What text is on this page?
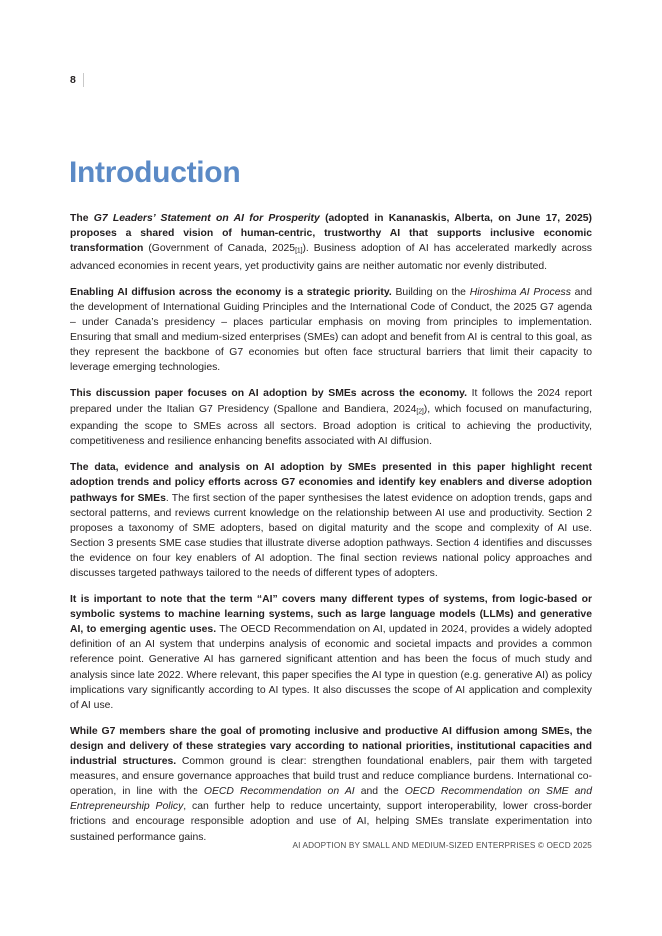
8
Introduction

The G7 Leaders’ Statement on AI for Prosperity (adopted in Kananaskis, Alberta, on June 17, 2025) proposes a shared vision of human-centric, trustworthy AI that supports inclusive economic transformation (Government of Canada, 2025[1]). Business adoption of AI has accelerated markedly across advanced economies in recent years, yet productivity gains are neither automatic nor evenly distributed.

Enabling AI diffusion across the economy is a strategic priority. Building on the Hiroshima AI Process and the development of International Guiding Principles and the International Code of Conduct, the 2025 G7 agenda – under Canada’s presidency – places particular emphasis on moving from principles to implementation. Ensuring that small and medium-sized enterprises (SMEs) can adopt and benefit from AI is central to this goal, as they represent the backbone of G7 economies but often face structural barriers that limit their capacity to leverage emerging technologies.

This discussion paper focuses on AI adoption by SMEs across the economy. It follows the 2024 report prepared under the Italian G7 Presidency (Spallone and Bandiera, 2024[2]), which focused on manufacturing, expanding the scope to SMEs across all sectors. Broad adoption is critical to achieving the productivity, competitiveness and resilience enhancing benefits associated with AI diffusion.

The data, evidence and analysis on AI adoption by SMEs presented in this paper highlight recent adoption trends and policy efforts across G7 economies and identify key enablers and diverse adoption pathways for SMEs. The first section of the paper synthesises the latest evidence on adoption trends, gaps and sectoral patterns, and reviews current knowledge on the relationship between AI use and productivity. Section 2 proposes a taxonomy of SME adopters, based on digital maturity and the scope and complexity of AI use. Section 3 presents SME case studies that illustrate diverse adoption pathways. Section 4 identifies and discusses the evidence on four key enablers of AI adoption. The final section reviews national policy approaches and discusses targeted pathways tailored to the needs of different types of adopters.

It is important to note that the term “AI” covers many different types of systems, from logic-based or symbolic systems to machine learning systems, such as large language models (LLMs) and generative AI, to emerging agentic uses. The OECD Recommendation on AI, updated in 2024, provides a widely adopted definition of an AI system that underpins analysis of economic and societal impacts and provides a common reference point. Generative AI has garnered significant attention and has been the focus of much study and analysis since late 2022. Where relevant, this paper specifies the AI type in question (e.g. generative AI) as policy implications vary significantly according to AI types. It also discusses the scope of AI application and complexity of AI use.

While G7 members share the goal of promoting inclusive and productive AI diffusion among SMEs, the design and delivery of these strategies vary according to national priorities, institutional capacities and industrial structures. Common ground is clear: strengthen foundational enablers, pair them with targeted measures, and ensure governance approaches that build trust and reduce compliance burdens. International co-operation, in line with the OECD Recommendation on AI and the OECD Recommendation on SME and Entrepreneurship Policy, can further help to reduce uncertainty, support interoperability, lower cross-border frictions and encourage responsible adoption and use of AI, helping SMEs translate experimentation into sustained performance gains.

AI ADOPTION BY SMALL AND MEDIUM-SIZED ENTERPRISES © OECD 2025
